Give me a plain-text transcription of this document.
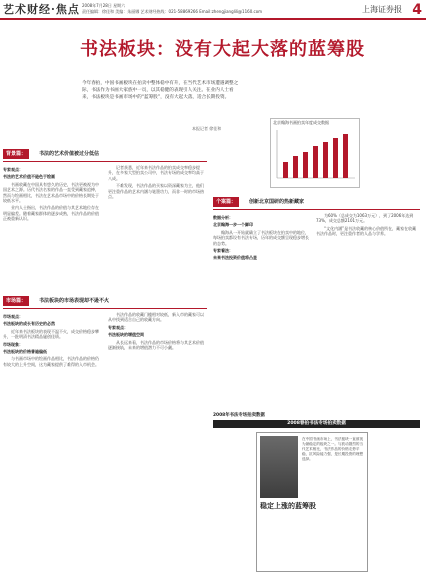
艺术财经·焦点 2008年7月28日 星期六
责任编辑：徐佳和 美编：朱丽娜 艺术财经热线：021-58869266 Email:zhengjianglili@1160.com	上海证券报 4
书法板块：没有大起大落的蓝筹股
今年春拍，中国书画板块在拍卖中整体稳中有升，在当代艺术市场遭遇调整之际，书法作为书画大家族中一员，以其稳健的表现引人关注。在业内人士看来，书法板块是书画市场中的“蓝筹股”，没有大起大落，适合长期投资。
本报记者 徐佳和
北京翰海书画拍卖年度成交数据
背景篇：	书法的艺术价值被过分低估

专家观点：

书法的艺术价值不逊色于绘画

书画收藏在中国具有悠久的历史，书法更被视为中国艺术之源。历代书法名家的作品一直受到藏家追捧，然而与绘画相比，书法在艺术品市场中的价格长期处于较低水平。

业内人士指出，书法作品的价值与其艺术地位存在明显偏差。随着藏家群体的逐步成熟，书法作品的价值正被重新认识。

记者获悉，近年来书法作品的拍卖成交率稳步提升，在多家大型拍卖公司中，书法专场的成交率均高于八成。

不难发现，书法作品的买家以资深藏家为主，他们更注重作品的艺术内涵与笔墨功力，而非一时的市场热点。

个案篇：	创新北京国研的热新藏家

数据分析：

北京翰海一步一个脚印

翰海从一开始就确立了书法板块在拍卖中的地位，每场拍卖都设有书法专场，历年的成交额呈现稳步增长的态势。

专家看法：

未来书法投资价值将凸显

为60%（总成交为1063万元），到了2006年达到73%，成交总额2101万元。

“文化内涵”是书法收藏的核心价值所在，藏家在收藏书法作品时，更注重作者的人品与学养。

市场篇：	书法板块的市场表现却不逊不火

市场观点：

书法板块的成长有历史的必然

近年来书法板块的表现不温不火，成交价格稳步攀升，一批明清书法精品屡创佳绩。

市场现象：

书法板块的价格普遍偏低

与书画市场中的绘画作品相比，书法作品的价格仍有较大的上升空间，这为藏家提供了难得的入市机会。

书法作品的收藏门槛相对较低，新入市的藏家可以从中找到适合自己的收藏方向。

专家观点：

书法板块的增值空间

从长远来看，书法作品的市场价格将与其艺术价值逐渐接轨，未来的增值潜力不可小觑。

2008年书法专场拍卖数据
2008春拍书法专场拍卖数据
稳定上涨的蓝筹股
在中国书画市场上，书法板块一直被视为最稳定的板块之一。与波动剧烈的当代艺术相比，书法作品的价格走势平稳，抗风险能力强，是长期投资的理想选择。
